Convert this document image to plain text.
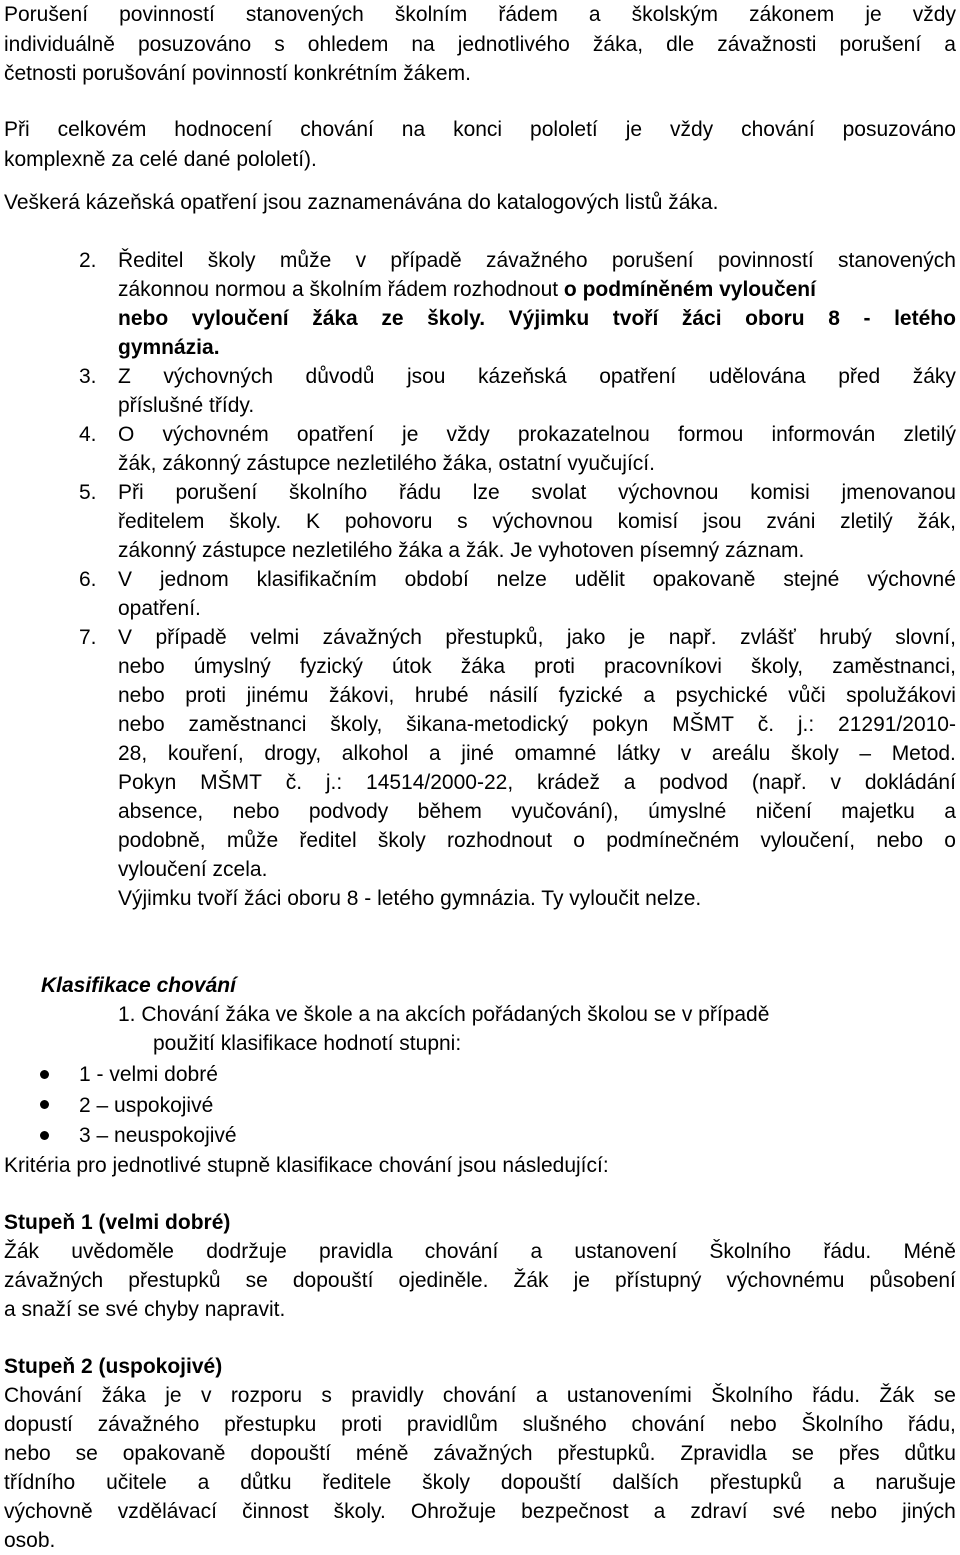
Porušení povinností stanovených školním řádem a školským zákonem je vždy
individuálně posuzováno s ohledem na jednotlivého žáka, dle závažnosti porušení a
četnosti porušování povinností konkrétním žákem.
Při celkovém hodnocení chování na konci pololetí je vždy chování posuzováno
komplexně za celé dané pololetí).
Veškerá kázeňská opatření jsou zaznamenávána do katalogových listů žáka.
2. Ředitel školy může v případě závažného porušení povinností stanovených
zákonnou normou a školním řádem rozhodnout o podmíněném vyloučení
nebo vyloučení žáka ze školy. Výjimku tvoří žáci oboru 8 - letého
gymnázia.
3. Z výchovných důvodů jsou kázeňská opatření udělována před žáky
příslušné třídy.
4. O výchovném opatření je vždy prokazatelnou formou informován zletilý
žák, zákonný zástupce nezletilého žáka, ostatní vyučující.
5. Při porušení školního řádu lze svolat výchovnou komisi jmenovanou
ředitelem školy. K pohovoru s výchovnou komisí jsou zváni zletilý žák,
zákonný zástupce nezletilého žáka a žák. Je vyhotoven písemný záznam.
6. V jednom klasifikačním období nelze udělit opakovaně stejné výchovné
opatření.
7. V případě velmi závažných přestupků, jako je např. zvlášť hrubý slovní,
nebo úmyslný fyzický útok žáka proti pracovníkovi školy, zaměstnanci,
nebo proti jinému žákovi, hrubé násilí fyzické a psychické vůči spolužákovi
nebo zaměstnanci školy, šikana-metodický pokyn MŠMT č. j.: 21291/2010-
28, kouření, drogy, alkohol a jiné omamné látky v areálu školy – Metod.
Pokyn MŠMT č. j.: 14514/2000-22, krádež a podvod (např. v dokládání
absence, nebo podvody během vyučování), úmyslné ničení majetku a
podobně, může ředitel školy rozhodnout o podmínečném vyloučení, nebo o
vyloučení zcela.
Výjimku tvoří žáci oboru 8 - letého gymnázia. Ty vyloučit nelze.
Klasifikace chování
1. Chování žáka ve škole a na akcích pořádaných školou se v případě
použití klasifikace hodnotí stupni:
1 - velmi dobré
2 – uspokojivé
3 – neuspokojivé
Kritéria pro jednotlivé stupně klasifikace chování jsou následující:
Stupeň 1 (velmi dobré)
Žák uvědoměle dodržuje pravidla chování a ustanovení Školního řádu. Méně
závažných přestupků se dopouští ojediněle. Žák je přístupný výchovnému působení
a snaží se své chyby napravit.
Stupeň 2 (uspokojivé)
Chování žáka je v rozporu s pravidly chování a ustanoveními Školního řádu. Žák se
dopustí závažného přestupku proti pravidlům slušného chování nebo Školního řádu,
nebo se opakovaně dopouští méně závažných přestupků. Zpravidla se přes důtku
třídního učitele a důtku ředitele školy dopouští dalších přestupků a narušuje
výchovně vzdělávací činnost školy. Ohrožuje bezpečnost a zdraví své nebo jiných
osob.
